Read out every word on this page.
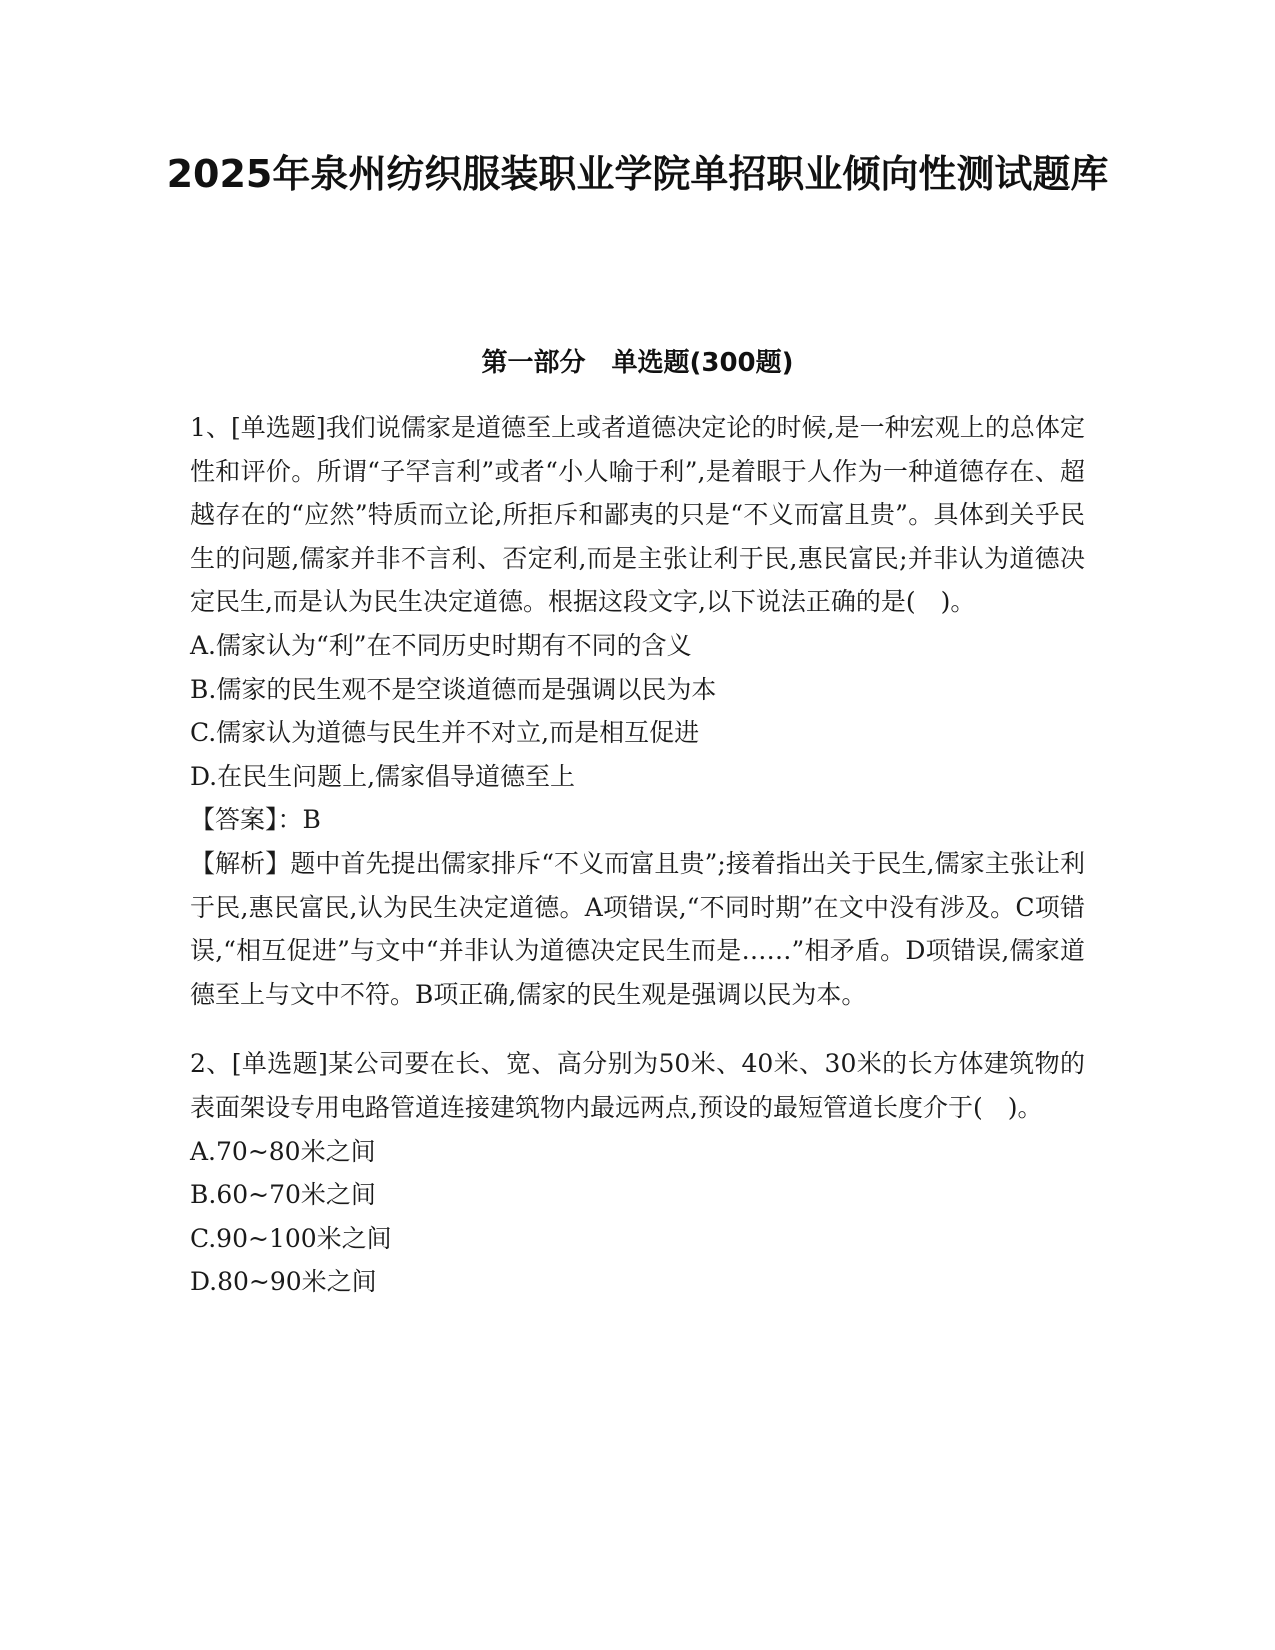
2025年泉州纺织服装职业学院单招职业倾向性测试题库
第一部分　单选题(300题)

1、[单选题]我们说儒家是道德至上或者道德决定论的时候,是一种宏观上的总体定性和评价。所谓“子罕言利”或者“小人喻于利”,是着眼于人作为一种道德存在、超越存在的“应然”特质而立论,所拒斥和鄙夷的只是“不义而富且贵”。具体到关乎民生的问题,儒家并非不言利、否定利,而是主张让利于民,惠民富民;并非认为道德决定民生,而是认为民生决定道德。根据这段文字,以下说法正确的是(　)。

A.儒家认为“利”在不同历史时期有不同的含义

B.儒家的民生观不是空谈道德而是强调以民为本

C.儒家认为道德与民生并不对立,而是相互促进

D.在民生问题上,儒家倡导道德至上

【答案】：B

【解析】题中首先提出儒家排斥“不义而富且贵”;接着指出关于民生,儒家主张让利于民,惠民富民,认为民生决定道德。A项错误,“不同时期”在文中没有涉及。C项错误,“相互促进”与文中“并非认为道德决定民生而是……”相矛盾。D项错误,儒家道德至上与文中不符。B项正确,儒家的民生观是强调以民为本。

2、[单选题]某公司要在长、宽、高分别为50米、40米、30米的长方体建筑物的表面架设专用电路管道连接建筑物内最远两点,预设的最短管道长度介于(　)。

A.70~80米之间

B.60~70米之间

C.90~100米之间

D.80~90米之间
